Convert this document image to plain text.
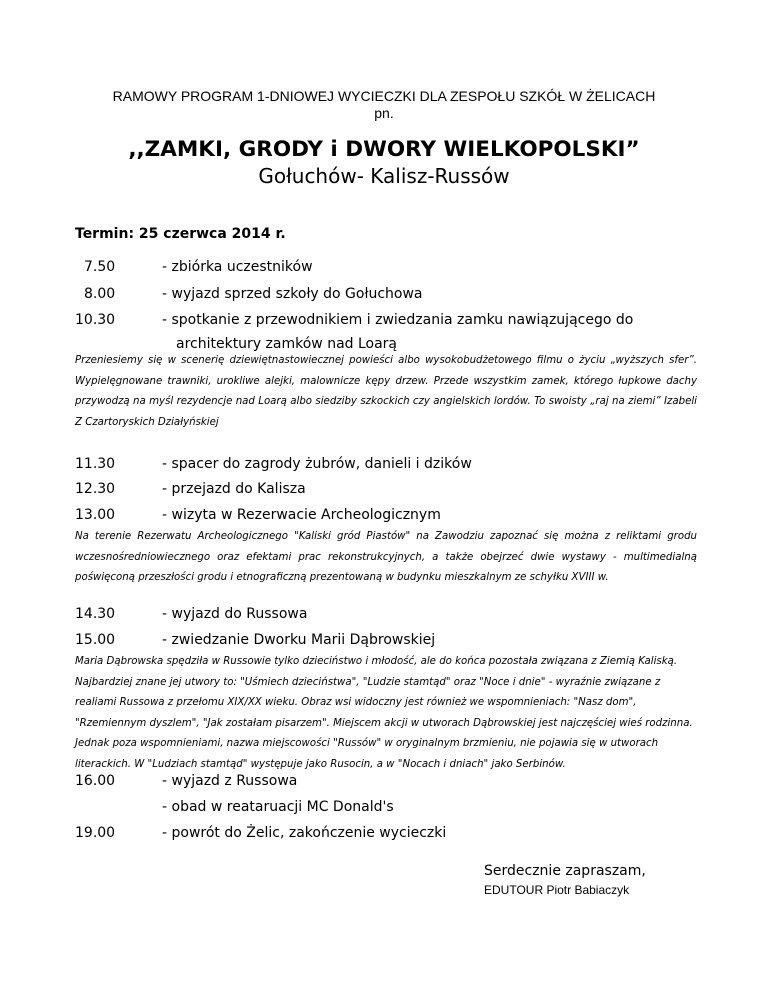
RAMOWY PROGRAM 1-DNIOWEJ WYCIECZKI DLA ZESPOŁU SZKÓŁ W ŻELICACH
pn.
,,ZAMKI, GRODY i DWORY WIELKOPOLSKI”
Gołuchów- Kalisz-Russów
Termin: 25 czerwca 2014 r.
7.50	- zbiórka uczestników
8.00	- wyjazd sprzed szkoły do Gołuchowa
10.30	- spotkanie z przewodnikiem i zwiedzania zamku nawiązującego do
architektury zamków nad Loarą
Przeniesiemy się w scenerię dziewiętnastowiecznej powieści albo wysokobudżetowego filmu o życiu „wyższych sfer”.
Wypielęgnowane trawniki, urokliwe alejki, malownicze kępy drzew. Przede wszystkim zamek, którego łupkowe dachy
przywodzą na myśl rezydencje nad Loarą albo siedziby szkockich czy angielskich lordów. To swoisty „raj na ziemi” Izabeli
Z Czartoryskich Działyńskiej
11.30	- spacer do zagrody żubrów, danieli i dzików
12.30	- przejazd do Kalisza
13.00	- wizyta w Rezerwacie Archeologicznym
Na terenie Rezerwatu Archeologicznego "Kaliski gród Piastów" na Zawodziu zapoznać się można z reliktami grodu
wczesnośredniowiecznego oraz efektami prac rekonstrukcyjnych, a także obejrzeć dwie wystawy - multimedialną
poświęconą przeszłości grodu i etnograficzną prezentowaną w budynku mieszkalnym ze schyłku XVIII w.
14.30	- wyjazd do Russowa
15.00	- zwiedzanie Dworku Marii Dąbrowskiej
Maria Dąbrowska spędziła w Russowie tylko dzieciństwo i młodość, ale do końca pozostała związana z Ziemią Kaliską.
Najbardziej znane jej utwory to: "Uśmiech dzieciństwa", "Ludzie stamtąd" oraz "Noce i dnie" - wyraźnie związane z
realiami Russowa z przełomu XIX/XX wieku. Obraz wsi widoczny jest również we wspomnieniach: "Nasz dom",
"Rzemiennym dyszlem", "Jak zostałam pisarzem". Miejscem akcji w utworach Dąbrowskiej jest najczęściej wieś rodzinna.
Jednak poza wspomnieniami, nazwa miejscowości "Russów" w oryginalnym brzmieniu, nie pojawia się w utworach
literackich. W "Ludziach stamtąd" występuje jako Rusocin, a w "Nocach i dniach" jako Serbinów.
16.00	- wyjazd z Russowa
- obad w reataruacji MC Donald's
19.00	- powrót do Żelic, zakończenie wycieczki
Serdecznie zapraszam,
EDUTOUR Piotr Babiaczyk
